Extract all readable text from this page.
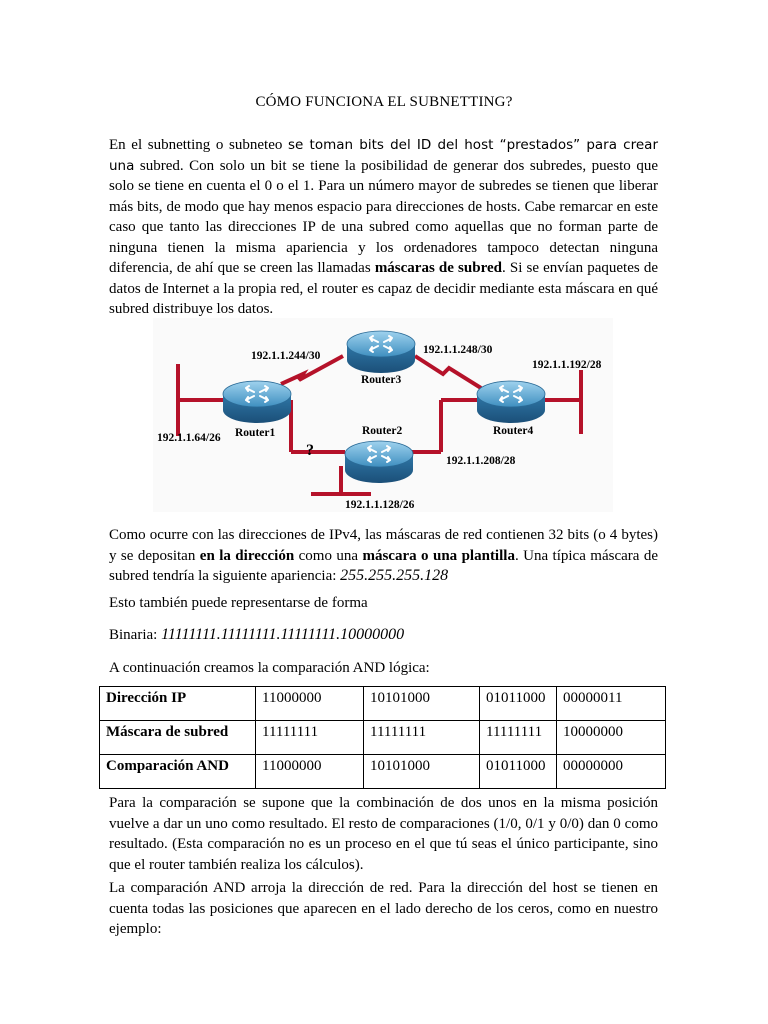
CÓMO FUNCIONA EL SUBNETTING?
En el subnetting o subneteo se toman bits del ID del host “prestados” para crear una subred. Con solo un bit se tiene la posibilidad de generar dos subredes, puesto que solo se tiene en cuenta el 0 o el 1. Para un número mayor de subredes se tienen que liberar más bits, de modo que hay menos espacio para direcciones de hosts. Cabe remarcar en este caso que tanto las direcciones IP de una subred como aquellas que no forman parte de ninguna tienen la misma apariencia y los ordenadores tampoco detectan ninguna diferencia, de ahí que se creen las llamadas máscaras de subred. Si se envían paquetes de datos de Internet a la propia red, el router es capaz de decidir mediante esta máscara en qué subred distribuye los datos.
192.1.1.244/30	192.1.1.248/30
192.1.1.192/28
192.1.1.64/26
192.1.1.208/28
192.1.1.128/26
Router1	Router2
Router3
Router4
?
Como ocurre con las direcciones de IPv4, las máscaras de red contienen 32 bits (o 4 bytes) y se depositan en la dirección como una máscara o una plantilla. Una típica máscara de subred tendría la siguiente apariencia: 255.255.255.128
Esto también puede representarse de forma
Binaria: 11111111.11111111.11111111.10000000
A continuación creamos la comparación AND lógica:
Dirección IP	11000000	10101000	01011000	00000011
Máscara de subred	11111111	11111111	11111111	10000000
Comparación AND	11000000	10101000	01011000	00000000
Para la comparación se supone que la combinación de dos unos en la misma posición vuelve a dar un uno como resultado. El resto de comparaciones (1/0, 0/1 y 0/0) dan 0 como resultado. (Esta comparación no es un proceso en el que tú seas el único participante, sino que el router también realiza los cálculos).
La comparación AND arroja la dirección de red. Para la dirección del host se tienen en cuenta todas las posiciones que aparecen en el lado derecho de los ceros, como en nuestro ejemplo:
